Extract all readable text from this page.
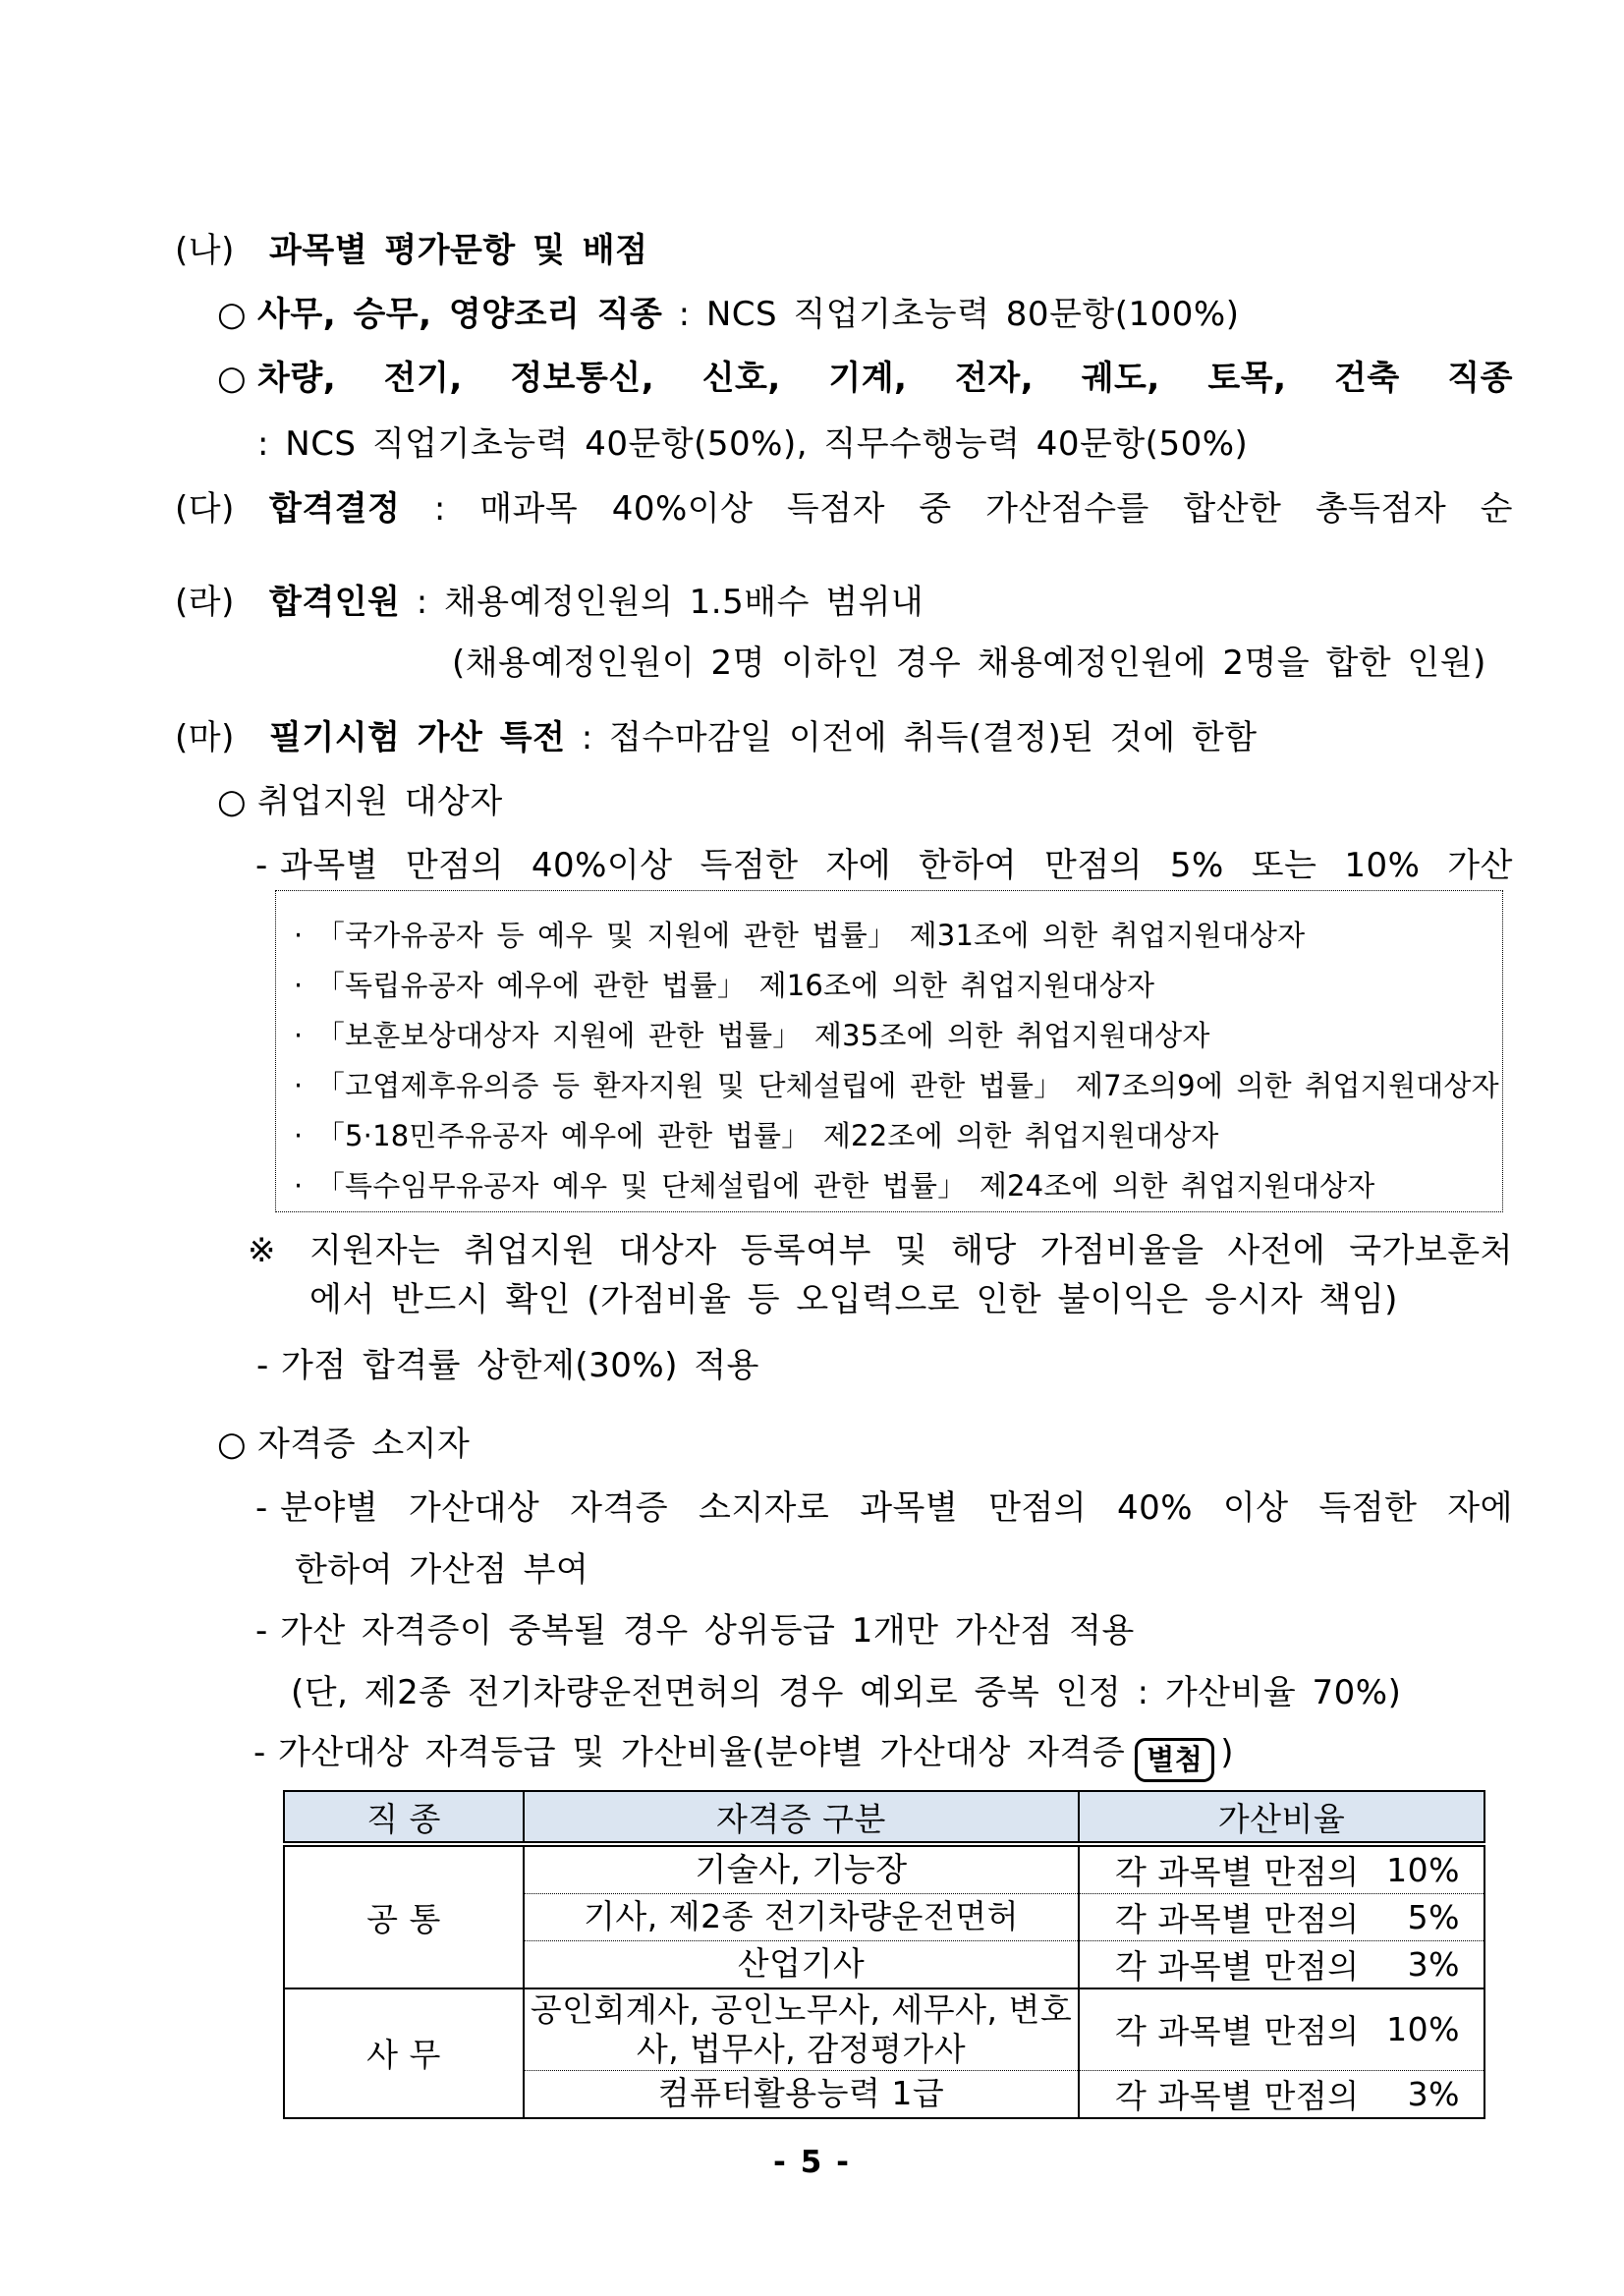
(나) 과목별 평가문항 및 배점
○ 사무, 승무, 영양조리 직종 : NCS 직업기초능력 80문항(100%)
○ 차량, 전기, 정보통신, 신호, 기계, 전자, 궤도, 토목, 건축 직종
: NCS 직업기초능력 40문항(50%), 직무수행능력 40문항(50%)
(다) 합격결정 : 매과목 40%이상 득점자 중 가산점수를 합산한 총득점자 순
(라) 합격인원 : 채용예정인원의 1.5배수 범위내
(채용예정인원이 2명 이하인 경우 채용예정인원에 2명을 합한 인원)
(마) 필기시험 가산 특전 : 접수마감일 이전에 취득(결정)된 것에 한함
○ 취업지원 대상자
- 과목별 만점의 40%이상 득점한 자에 한하여 만점의 5% 또는 10% 가산
· 「국가유공자 등 예우 및 지원에 관한 법률」 제31조에 의한 취업지원대상자
· 「독립유공자 예우에 관한 법률」 제16조에 의한 취업지원대상자
· 「보훈보상대상자 지원에 관한 법률」 제35조에 의한 취업지원대상자
· 「고엽제후유의증 등 환자지원 및 단체설립에 관한 법률」 제7조의9에 의한 취업지원대상자
· 「5·18민주유공자 예우에 관한 법률」 제22조에 의한 취업지원대상자
· 「특수임무유공자 예우 및 단체설립에 관한 법률」 제24조에 의한 취업지원대상자
※ 지원자는 취업지원 대상자 등록여부 및 해당 가점비율을 사전에 국가보훈처
에서 반드시 확인 (가점비율 등 오입력으로 인한 불이익은 응시자 책임)
- 가점 합격률 상한제(30%) 적용
○ 자격증 소지자
- 분야별 가산대상 자격증 소지자로 과목별 만점의 40% 이상 득점한 자에
한하여 가산점 부여
- 가산 자격증이 중복될 경우 상위등급 1개만 가산점 적용
(단, 제2종 전기차량운전면허의 경우 예외로 중복 인정 : 가산비율 70%)
- 가산대상 자격등급 및 가산비율(분야별 가산대상 자격증 별첨 )
직 종	자격증 구분	가산비율
공 통	기술사, 기능장	각 과목별 만점의 10%

	기사, 제2종 전기차량운전면허	각 과목별 만점의 5%

	산업기사	각 과목별 만점의 3%

사 무	공인회계사, 공인노무사, 세무사, 변호사, 법무사, 감정평가사	각 과목별 만점의 10%

	컴퓨터활용능력 1급	각 과목별 만점의 3%
- 5 -
